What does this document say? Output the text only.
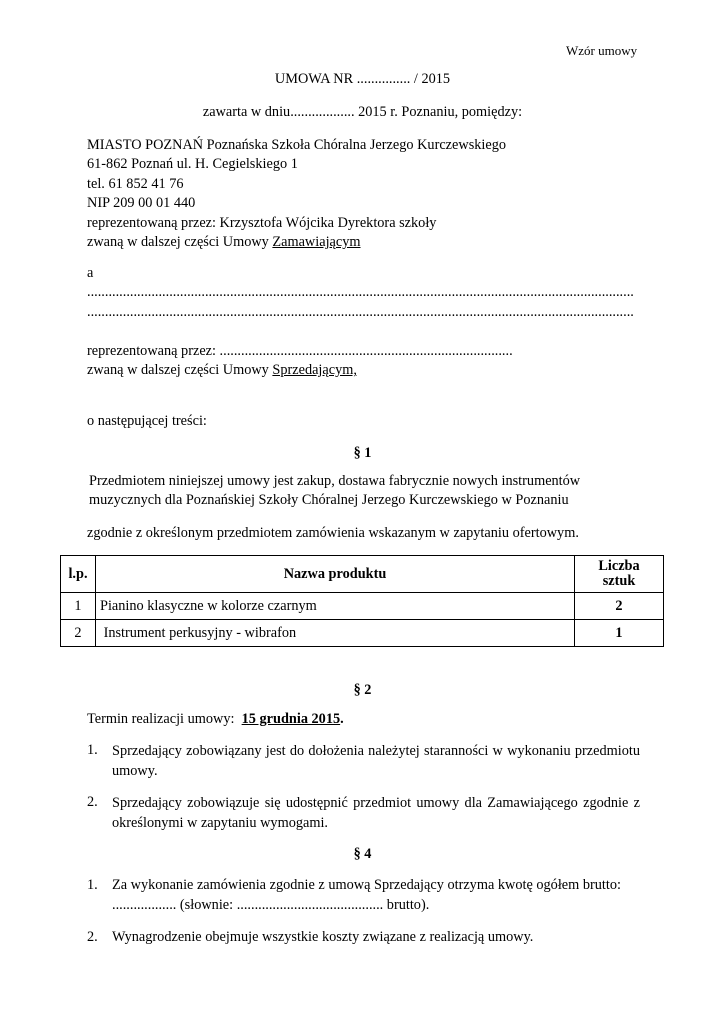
Wzór umowy
UMOWA NR ............... / 2015
zawarta w dniu.................. 2015 r. Poznaniu, pomiędzy:
MIASTO POZNAŃ Poznańska Szkoła Chóralna Jerzego Kurczewskiego
61-862 Poznań ul. H. Cegielskiego 1
tel. 61 852 41 76
NIP 209 00 01 440
reprezentowaną przez: Krzysztofa Wójcika Dyrektora szkoły
zwaną w dalszej części Umowy Zamawiającym
a
.........................................................................................................................................................
.........................................................................................................................................................
reprezentowaną przez: ..................................................................................
zwaną w dalszej części Umowy Sprzedającym,
o następującej treści:
§ 1
Przedmiotem niniejszej umowy jest zakup, dostawa fabrycznie nowych instrumentów
muzycznych dla Poznańskiej Szkoły Chóralnej Jerzego Kurczewskiego w Poznaniu
zgodnie z określonym przedmiotem zamówienia wskazanym w zapytaniu ofertowym.
l.p.	Nazwa produktu	Liczba
sztuk
1	Pianino klasyczne w kolorze czarnym	2
2	Instrument perkusyjny - wibrafon	1
§ 2
Termin realizacji umowy:  15 grudnia 2015.
1. Sprzedający zobowiązany jest do dołożenia należytej staranności w wykonaniu przedmiotu umowy.
2. Sprzedający zobowiązuje się udostępnić przedmiot umowy dla Zamawiającego zgodnie z określonymi w zapytaniu wymogami.
§ 4
1. Za wykonanie zamówienia zgodnie z umową Sprzedający otrzyma kwotę ogółem brutto:
.................. (słownie: ......................................... brutto).
2. Wynagrodzenie obejmuje wszystkie koszty związane z realizacją umowy.
